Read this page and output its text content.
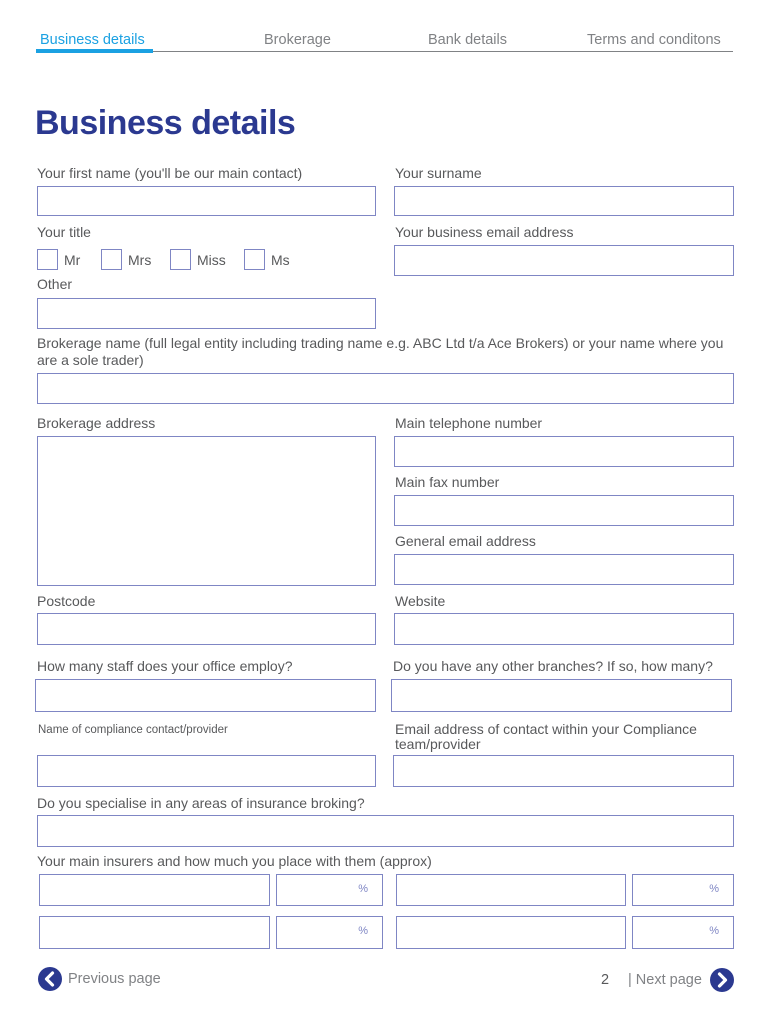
Business details	Brokerage	Bank details	Terms and conditons
Business details
Your first name (you'll be our main contact)	Your surname
Your title	Your business email address
Mr	Mrs	Miss	Ms
Other
Brokerage name (full legal entity including trading name e.g. ABC Ltd t/a Ace Brokers) or your name where you are a sole trader)
Brokerage address	Main telephone number
Main fax number
General email address
Postcode	Website
How many staff does your office employ?	Do you have any other branches? If so, how many?
Name of compliance contact/provider	Email address of contact within your Compliance team/provider
Do you specialise in any areas of insurance broking?
Your main insurers and how much you place with them (approx)
%	%
%	%
Previous page	2 | Next page
